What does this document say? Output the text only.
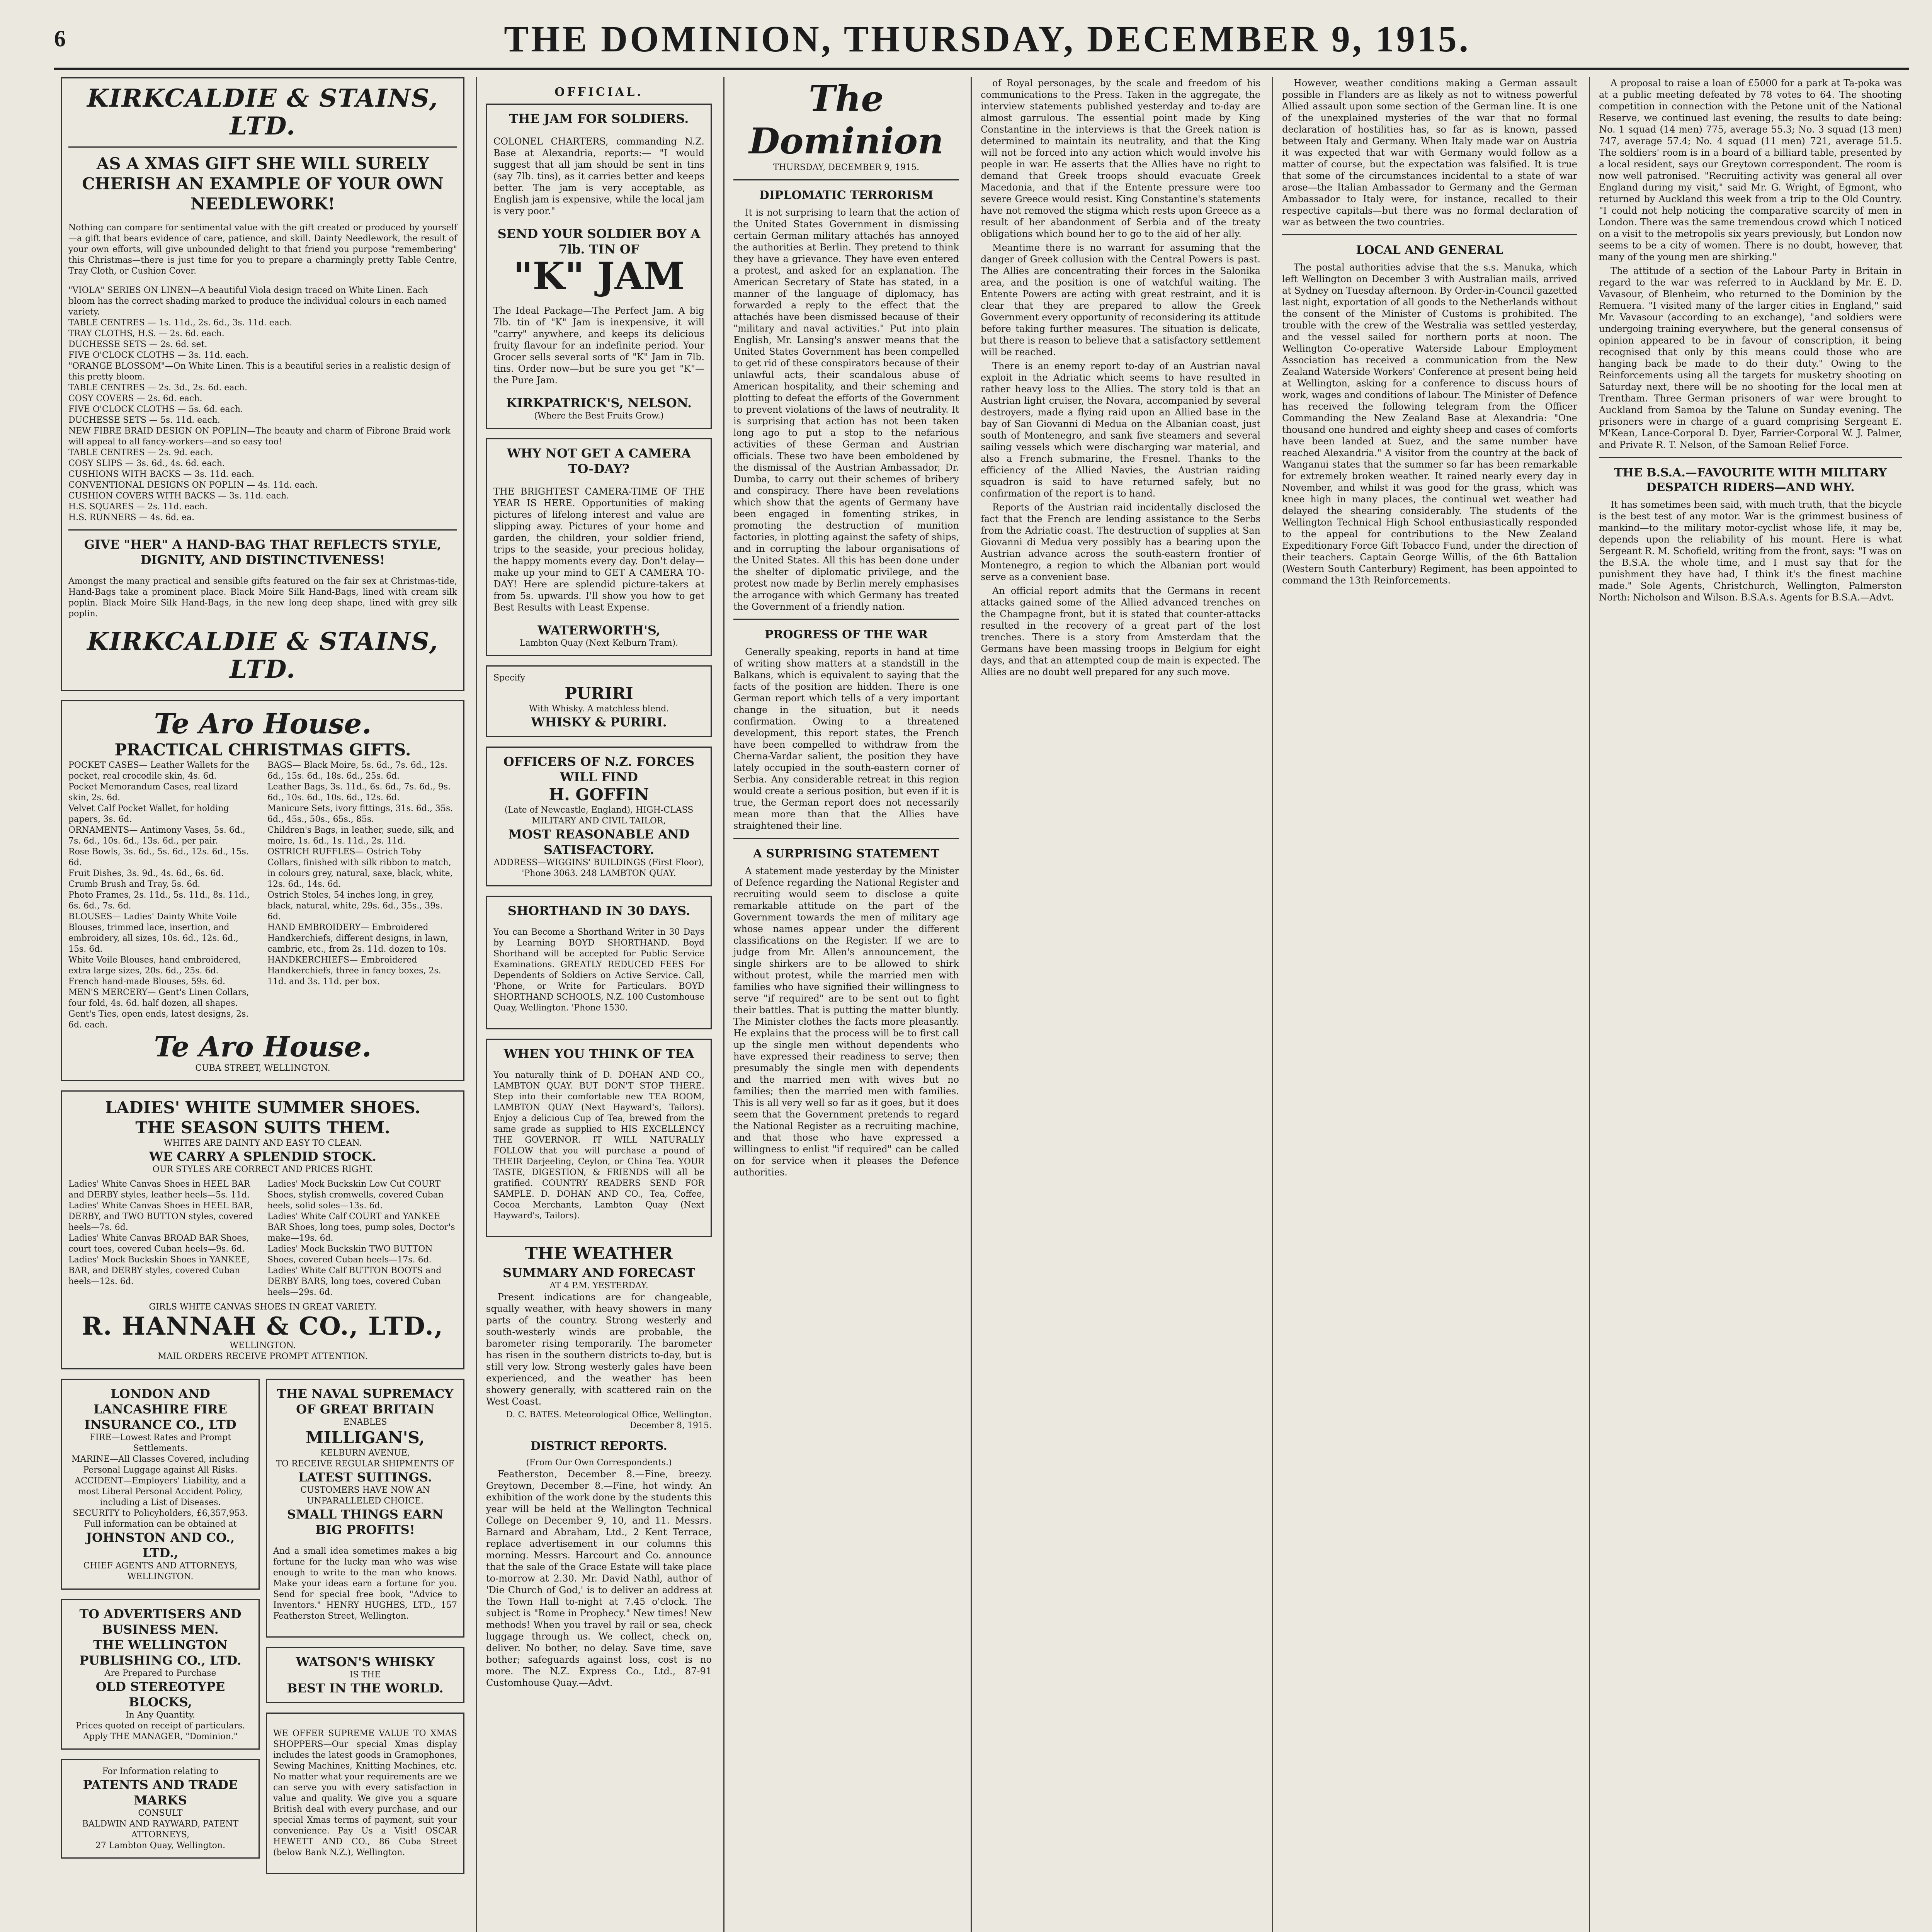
6	THE DOMINION, THURSDAY, DECEMBER 9, 1915.
KIRKCALDIE & STAINS, LTD.
AS A XMAS GIFT SHE WILL SURELY CHERISH AN EXAMPLE OF YOUR OWN NEEDLEWORK!

Nothing can compare for sentimental value with the gift created or produced by yourself—a gift that bears evidence of care, patience, and skill. Dainty Needlework, the result of your own efforts, will give unbounded delight to that friend you purpose "remembering" this Christmas—there is just time for you to prepare a charmingly pretty Table Centre, Tray Cloth, or Cushion Cover.

"VIOLA" SERIES ON LINEN—A beautiful Viola design traced on White Linen. Each bloom has the correct shading marked to produce the individual colours in each named variety.
TABLE CENTRES — 1s. 11d., 2s. 6d., 3s. 11d. each.
TRAY CLOTHS, H.S. — 2s. 6d. each.
DUCHESSE SETS — 2s. 6d. set.
FIVE O'CLOCK CLOTHS — 3s. 11d. each.
"ORANGE BLOSSOM"—On White Linen. This is a beautiful series in a realistic design of this pretty bloom.
TABLE CENTRES — 2s. 3d., 2s. 6d. each.
COSY COVERS — 2s. 6d. each.
FIVE O'CLOCK CLOTHS — 5s. 6d. each.
DUCHESSE SETS — 5s. 11d. each.
NEW FIBRE BRAID DESIGN ON POPLIN—The beauty and charm of Fibrone Braid work will appeal to all fancy-workers—and so easy too!
TABLE CENTRES — 2s. 9d. each.
COSY SLIPS — 3s. 6d., 4s. 6d. each.
CUSHIONS WITH BACKS — 3s. 11d. each.
CONVENTIONAL DESIGNS ON POPLIN — 4s. 11d. each.
CUSHION COVERS WITH BACKS — 3s. 11d. each.
H.S. SQUARES — 2s. 11d. each.
H.S. RUNNERS — 4s. 6d. ea.
GIVE "HER" A HAND-BAG THAT REFLECTS STYLE, DIGNITY, AND DISTINCTIVENESS!

Amongst the many practical and sensible gifts featured on the fair sex at Christmas-tide, Hand-Bags take a prominent place. Black Moire Silk Hand-Bags, lined with cream silk poplin. Black Moire Silk Hand-Bags, in the new long deep shape, lined with grey silk poplin.

KIRKCALDIE & STAINS, LTD.
Te Aro House.
PRACTICAL CHRISTMAS GIFTS.
POCKET CASES— Leather Wallets for the pocket, real crocodile skin, 4s. 6d.
Pocket Memorandum Cases, real lizard skin, 2s. 6d.
Velvet Calf Pocket Wallet, for holding papers, 3s. 6d.
ORNAMENTS— Antimony Vases, 5s. 6d., 7s. 6d., 10s. 6d., 13s. 6d., per pair.
Rose Bowls, 3s. 6d., 5s. 6d., 12s. 6d., 15s. 6d.
Fruit Dishes, 3s. 9d., 4s. 6d., 6s. 6d.
Crumb Brush and Tray, 5s. 6d.
Photo Frames, 2s. 11d., 5s. 11d., 8s. 11d., 6s. 6d., 7s. 6d.
BLOUSES— Ladies' Dainty White Voile Blouses, trimmed lace, insertion, and embroidery, all sizes, 10s. 6d., 12s. 6d., 15s. 6d.
White Voile Blouses, hand embroidered, extra large sizes, 20s. 6d., 25s. 6d.
French hand-made Blouses, 59s. 6d.
MEN'S MERCERY— Gent's Linen Collars, four fold, 4s. 6d. half dozen, all shapes.
Gent's Ties, open ends, latest designs, 2s. 6d. each.
BAGS— Black Moire, 5s. 6d., 7s. 6d., 12s. 6d., 15s. 6d., 18s. 6d., 25s. 6d.
Leather Bags, 3s. 11d., 6s. 6d., 7s. 6d., 9s. 6d., 10s. 6d., 10s. 6d., 12s. 6d.
Manicure Sets, ivory fittings, 31s. 6d., 35s. 6d., 45s., 50s., 65s., 85s.
Children's Bags, in leather, suede, silk, and moire, 1s. 6d., 1s. 11d., 2s. 11d.
OSTRICH RUFFLES— Ostrich Toby Collars, finished with silk ribbon to match, in colours grey, natural, saxe, black, white, 12s. 6d., 14s. 6d.
Ostrich Stoles, 54 inches long, in grey, black, natural, white, 29s. 6d., 35s., 39s. 6d.
HAND EMBROIDERY— Embroidered Handkerchiefs, different designs, in lawn, cambric, etc., from 2s. 11d. dozen to 10s.
HANDKERCHIEFS— Embroidered Handkerchiefs, three in fancy boxes, 2s. 11d. and 3s. 11d. per box.
Te Aro House.
CUBA STREET, WELLINGTON.
LADIES' WHITE SUMMER SHOES.
THE SEASON SUITS THEM.
WHITES ARE DAINTY AND EASY TO CLEAN.
WE CARRY A SPLENDID STOCK.
OUR STYLES ARE CORRECT AND PRICES RIGHT.
Ladies' White Canvas Shoes in HEEL BAR and DERBY styles, leather heels—5s. 11d.
Ladies' White Canvas Shoes in HEEL BAR, DERBY, and TWO BUTTON styles, covered heels—7s. 6d.
Ladies' White Canvas BROAD BAR Shoes, court toes, covered Cuban heels—9s. 6d.
Ladies' Mock Buckskin Shoes in YANKEE, BAR, and DERBY styles, covered Cuban heels—12s. 6d.
Ladies' Mock Buckskin Low Cut COURT Shoes, stylish cromwells, covered Cuban heels, solid soles—13s. 6d.
Ladies' White Calf COURT and YANKEE BAR Shoes, long toes, pump soles, Doctor's make—19s. 6d.
Ladies' Mock Buckskin TWO BUTTON Shoes, covered Cuban heels—17s. 6d.
Ladies' White Calf BUTTON BOOTS and DERBY BARS, long toes, covered Cuban heels—29s. 6d.
GIRLS WHITE CANVAS SHOES IN GREAT VARIETY.
R. HANNAH & CO., LTD.,
WELLINGTON.
MAIL ORDERS RECEIVE PROMPT ATTENTION.
LONDON AND LANCASHIRE FIRE INSURANCE CO., LTD
FIRE—Lowest Rates and Prompt Settlements.
MARINE—All Classes Covered, including Personal Luggage against All Risks.
ACCIDENT—Employers' Liability, and a most Liberal Personal Accident Policy, including a List of Diseases.
SECURITY to Policyholders, £6,357,953.
Full information can be obtained at
JOHNSTON AND CO., LTD.,
CHIEF AGENTS AND ATTORNEYS, WELLINGTON.
TO ADVERTISERS AND BUSINESS MEN.
THE WELLINGTON PUBLISHING CO., LTD.
Are Prepared to Purchase
OLD STEREOTYPE BLOCKS,
In Any Quantity.
Prices quoted on receipt of particulars.
Apply THE MANAGER, "Dominion."
For Information relating to
PATENTS AND TRADE MARKS
CONSULT
BALDWIN AND RAYWARD, PATENT ATTORNEYS,
27 Lambton Quay, Wellington.
THE NAVAL SUPREMACY OF GREAT BRITAIN
ENABLES
MILLIGAN'S,
KELBURN AVENUE,
TO RECEIVE REGULAR SHIPMENTS OF
LATEST SUITINGS.
CUSTOMERS HAVE NOW AN UNPARALLELED CHOICE.
SMALL THINGS EARN BIG PROFITS!

And a small idea sometimes makes a big fortune for the lucky man who was wise enough to write to the man who knows. Make your ideas earn a fortune for you. Send for special free book, "Advice to Inventors." HENRY HUGHES, LTD., 157 Featherston Street, Wellington.

WATSON'S WHISKY
IS THE
BEST IN THE WORLD.

WE OFFER SUPREME VALUE TO XMAS SHOPPERS—Our special Xmas display includes the latest goods in Gramophones, Sewing Machines, Knitting Machines, etc. No matter what your requirements are we can serve you with every satisfaction in value and quality. We give you a square British deal with every purchase, and our special Xmas terms of payment, suit your convenience. Pay Us a Visit! OSCAR HEWETT AND CO., 86 Cuba Street (below Bank N.Z.), Wellington.

OFFICIAL.
THE JAM FOR SOLDIERS.

COLONEL CHARTERS, commanding N.Z. Base at Alexandria, reports:— "I would suggest that all jam should be sent in tins (say 7lb. tins), as it carries better and keeps better. The jam is very acceptable, as English jam is expensive, while the local jam is very poor."

SEND YOUR SOLDIER BOY A 7lb. TIN OF
"K" JAM

The Ideal Package—The Perfect Jam. A big 7lb. tin of "K" Jam is inexpensive, it will "carry" anywhere, and keeps its delicious fruity flavour for an indefinite period. Your Grocer sells several sorts of "K" Jam in 7lb. tins. Order now—but be sure you get "K"—the Pure Jam.

KIRKPATRICK'S, NELSON.
(Where the Best Fruits Grow.)
WHY NOT GET A CAMERA TO-DAY?

THE BRIGHTEST CAMERA-TIME OF THE YEAR IS HERE. Opportunities of making pictures of lifelong interest and value are slipping away. Pictures of your home and garden, the children, your soldier friend, trips to the seaside, your precious holiday, the happy moments every day. Don't delay—make up your mind to GET A CAMERA TO-DAY! Here are splendid picture-takers at from 5s. upwards. I'll show you how to get Best Results with Least Expense.

WATERWORTH'S,
Lambton Quay (Next Kelburn Tram).
Specify
PURIRI
With Whisky. A matchless blend.
WHISKY & PURIRI.
OFFICERS OF N.Z. FORCES WILL FIND
H. GOFFIN
(Late of Newcastle, England), HIGH-CLASS MILITARY AND CIVIL TAILOR,
MOST REASONABLE AND SATISFACTORY.
ADDRESS—WIGGINS' BUILDINGS (First Floor),
'Phone 3063. 248 LAMBTON QUAY.
SHORTHAND IN 30 DAYS.

You can Become a Shorthand Writer in 30 Days by Learning BOYD SHORTHAND. Boyd Shorthand will be accepted for Public Service Examinations. GREATLY REDUCED FEES For Dependents of Soldiers on Active Service. Call, 'Phone, or Write for Particulars. BOYD SHORTHAND SCHOOLS, N.Z. 100 Customhouse Quay, Wellington. 'Phone 1530.

WHEN YOU THINK OF TEA

You naturally think of D. DOHAN AND CO., LAMBTON QUAY. BUT DON'T STOP THERE. Step into their comfortable new TEA ROOM, LAMBTON QUAY (Next Hayward's, Tailors). Enjoy a delicious Cup of Tea, brewed from the same grade as supplied to HIS EXCELLENCY THE GOVERNOR. IT WILL NATURALLY FOLLOW that you will purchase a pound of THEIR Darjeeling, Ceylon, or China Tea. YOUR TASTE, DIGESTION, & FRIENDS will all be gratified. COUNTRY READERS SEND FOR SAMPLE. D. DOHAN AND CO., Tea, Coffee, Cocoa Merchants, Lambton Quay (Next Hayward's, Tailors).

THE WEATHER
SUMMARY AND FORECAST
AT 4 P.M. YESTERDAY.

Present indications are for changeable, squally weather, with heavy showers in many parts of the country. Strong westerly and south-westerly winds are probable, the barometer rising temporarily. The barometer has risen in the southern districts to-day, but is still very low. Strong westerly gales have been experienced, and the weather has been showery generally, with scattered rain on the West Coast.

D. C. BATES. Meteorological Office, Wellington. December 8, 1915.
DISTRICT REPORTS.
(From Our Own Correspondents.)

Featherston, December 8.—Fine, breezy. Greytown, December 8.—Fine, hot windy. An exhibition of the work done by the students this year will be held at the Wellington Technical College on December 9, 10, and 11. Messrs. Barnard and Abraham, Ltd., 2 Kent Terrace, replace advertisement in our columns this morning. Messrs. Harcourt and Co. announce that the sale of the Grace Estate will take place to-morrow at 2.30. Mr. David Nathl, author of 'Die Church of God,' is to deliver an address at the Town Hall to-night at 7.45 o'clock. The subject is "Rome in Prophecy." New times! New methods! When you travel by rail or sea, check luggage through us. We collect, check on, deliver. No bother, no delay. Save time, save bother; safeguards against loss, cost is no more. The N.Z. Express Co., Ltd., 87-91 Customhouse Quay.—Advt.

The Dominion
THURSDAY, DECEMBER 9, 1915.
DIPLOMATIC TERRORISM

It is not surprising to learn that the action of the United States Government in dismissing certain German military attachés has annoyed the authorities at Berlin. They pretend to think they have a grievance. They have even entered a protest, and asked for an explanation. The American Secretary of State has stated, in a manner of the language of diplomacy, has forwarded a reply to the effect that the attachés have been dismissed because of their "military and naval activities." Put into plain English, Mr. Lansing's answer means that the United States Government has been compelled to get rid of these conspirators because of their unlawful acts, their scandalous abuse of American hospitality, and their scheming and plotting to defeat the efforts of the Government to prevent violations of the laws of neutrality. It is surprising that action has not been taken long ago to put a stop to the nefarious activities of these German and Austrian officials. These two have been emboldened by the dismissal of the Austrian Ambassador, Dr. Dumba, to carry out their schemes of bribery and conspiracy. There have been revelations which show that the agents of Germany have been engaged in fomenting strikes, in promoting the destruction of munition factories, in plotting against the safety of ships, and in corrupting the labour organisations of the United States. All this has been done under the shelter of diplomatic privilege, and the protest now made by Berlin merely emphasises the arrogance with which Germany has treated the Government of a friendly nation.

PROGRESS OF THE WAR

Generally speaking, reports in hand at time of writing show matters at a standstill in the Balkans, which is equivalent to saying that the facts of the position are hidden. There is one German report which tells of a very important change in the situation, but it needs confirmation. Owing to a threatened development, this report states, the French have been compelled to withdraw from the Cherna-Vardar salient, the position they have lately occupied in the south-eastern corner of Serbia. Any considerable retreat in this region would create a serious position, but even if it is true, the German report does not necessarily mean more than that the Allies have straightened their line.

A SURPRISING STATEMENT

A statement made yesterday by the Minister of Defence regarding the National Register and recruiting would seem to disclose a quite remarkable attitude on the part of the Government towards the men of military age whose names appear under the different classifications on the Register. If we are to judge from Mr. Allen's announcement, the single shirkers are to be allowed to shirk without protest, while the married men with families who have signified their willingness to serve "if required" are to be sent out to fight their battles. That is putting the matter bluntly. The Minister clothes the facts more pleasantly. He explains that the process will be to first call up the single men without dependents who have expressed their readiness to serve; then presumably the single men with dependents and the married men with wives but no families; then the married men with families. This is all very well so far as it goes, but it does seem that the Government pretends to regard the National Register as a recruiting machine, and that those who have expressed a willingness to enlist "if required" can be called on for service when it pleases the Defence authorities.

of Royal personages, by the scale and freedom of his communications to the Press. Taken in the aggregate, the interview statements published yesterday and to-day are almost garrulous. The essential point made by King Constantine in the interviews is that the Greek nation is determined to maintain its neutrality, and that the King will not be forced into any action which would involve his people in war. He asserts that the Allies have no right to demand that Greek troops should evacuate Greek Macedonia, and that if the Entente pressure were too severe Greece would resist. King Constantine's statements have not removed the stigma which rests upon Greece as a result of her abandonment of Serbia and of the treaty obligations which bound her to go to the aid of her ally.

Meantime there is no warrant for assuming that the danger of Greek collusion with the Central Powers is past. The Allies are concentrating their forces in the Salonika area, and the position is one of watchful waiting. The Entente Powers are acting with great restraint, and it is clear that they are prepared to allow the Greek Government every opportunity of reconsidering its attitude before taking further measures. The situation is delicate, but there is reason to believe that a satisfactory settlement will be reached.

There is an enemy report to-day of an Austrian naval exploit in the Adriatic which seems to have resulted in rather heavy loss to the Allies. The story told is that an Austrian light cruiser, the Novara, accompanied by several destroyers, made a flying raid upon an Allied base in the bay of San Giovanni di Medua on the Albanian coast, just south of Montenegro, and sank five steamers and several sailing vessels which were discharging war material, and also a French submarine, the Fresnel. Thanks to the efficiency of the Allied Navies, the Austrian raiding squadron is said to have returned safely, but no confirmation of the report is to hand.

Reports of the Austrian raid incidentally disclosed the fact that the French are lending assistance to the Serbs from the Adriatic coast. The destruction of supplies at San Giovanni di Medua very possibly has a bearing upon the Austrian advance across the south-eastern frontier of Montenegro, a region to which the Albanian port would serve as a convenient base.

An official report admits that the Germans in recent attacks gained some of the Allied advanced trenches on the Champagne front, but it is stated that counter-attacks resulted in the recovery of a great part of the lost trenches. There is a story from Amsterdam that the Germans have been massing troops in Belgium for eight days, and that an attempted coup de main is expected. The Allies are no doubt well prepared for any such move.

However, weather conditions making a German assault possible in Flanders are as likely as not to witness powerful Allied assault upon some section of the German line. It is one of the unexplained mysteries of the war that no formal declaration of hostilities has, so far as is known, passed between Italy and Germany. When Italy made war on Austria it was expected that war with Germany would follow as a matter of course, but the expectation was falsified. It is true that some of the circumstances incidental to a state of war arose—the Italian Ambassador to Germany and the German Ambassador to Italy were, for instance, recalled to their respective capitals—but there was no formal declaration of war as between the two countries.

LOCAL AND GENERAL

The postal authorities advise that the s.s. Manuka, which left Wellington on December 3 with Australian mails, arrived at Sydney on Tuesday afternoon. By Order-in-Council gazetted last night, exportation of all goods to the Netherlands without the consent of the Minister of Customs is prohibited. The trouble with the crew of the Westralia was settled yesterday, and the vessel sailed for northern ports at noon. The Wellington Co-operative Waterside Labour Employment Association has received a communication from the New Zealand Waterside Workers' Conference at present being held at Wellington, asking for a conference to discuss hours of work, wages and conditions of labour. The Minister of Defence has received the following telegram from the Officer Commanding the New Zealand Base at Alexandria: "One thousand one hundred and eighty sheep and cases of comforts have been landed at Suez, and the same number have reached Alexandria." A visitor from the country at the back of Wanganui states that the summer so far has been remarkable for extremely broken weather. It rained nearly every day in November, and whilst it was good for the grass, which was knee high in many places, the continual wet weather had delayed the shearing considerably. The students of the Wellington Technical High School enthusiastically responded to the appeal for contributions to the New Zealand Expeditionary Force Gift Tobacco Fund, under the direction of their teachers. Captain George Willis, of the 6th Battalion (Western South Canterbury) Regiment, has been appointed to command the 13th Reinforcements.

A proposal to raise a loan of £5000 for a park at Ta-poka was at a public meeting defeated by 78 votes to 64. The shooting competition in connection with the Petone unit of the National Reserve, we continued last evening, the results to date being: No. 1 squad (14 men) 775, average 55.3; No. 3 squad (13 men) 747, average 57.4; No. 4 squad (11 men) 721, average 51.5. The soldiers' room is in a board of a billiard table, presented by a local resident, says our Greytown correspondent. The room is now well patronised. "Recruiting activity was general all over England during my visit," said Mr. G. Wright, of Egmont, who returned by Auckland this week from a trip to the Old Country. "I could not help noticing the comparative scarcity of men in London. There was the same tremendous crowd which I noticed on a visit to the metropolis six years previously, but London now seems to be a city of women. There is no doubt, however, that many of the young men are shirking."

The attitude of a section of the Labour Party in Britain in regard to the war was referred to in Auckland by Mr. E. D. Vavasour, of Blenheim, who returned to the Dominion by the Remuera. "I visited many of the larger cities in England," said Mr. Vavasour (according to an exchange), "and soldiers were undergoing training everywhere, but the general consensus of opinion appeared to be in favour of conscription, it being recognised that only by this means could those who are hanging back be made to do their duty." Owing to the Reinforcements using all the targets for musketry shooting on Saturday next, there will be no shooting for the local men at Trentham. Three German prisoners of war were brought to Auckland from Samoa by the Talune on Sunday evening. The prisoners were in charge of a guard comprising Sergeant E. M'Kean, Lance-Corporal D. Dyer, Farrier-Corporal W. J. Palmer, and Private R. T. Nelson, of the Samoan Relief Force.

THE B.S.A.—FAVOURITE WITH MILITARY DESPATCH RIDERS—AND WHY.

It has sometimes been said, with much truth, that the bicycle is the best test of any motor. War is the grimmest business of mankind—to the military motor-cyclist whose life, it may be, depends upon the reliability of his mount. Here is what Sergeant R. M. Schofield, writing from the front, says: "I was on the B.S.A. the whole time, and I must say that for the punishment they have had, I think it's the finest machine made." Sole Agents, Christchurch, Wellington, Palmerston North: Nicholson and Wilson. B.S.A.s. Agents for B.S.A.—Advt.
